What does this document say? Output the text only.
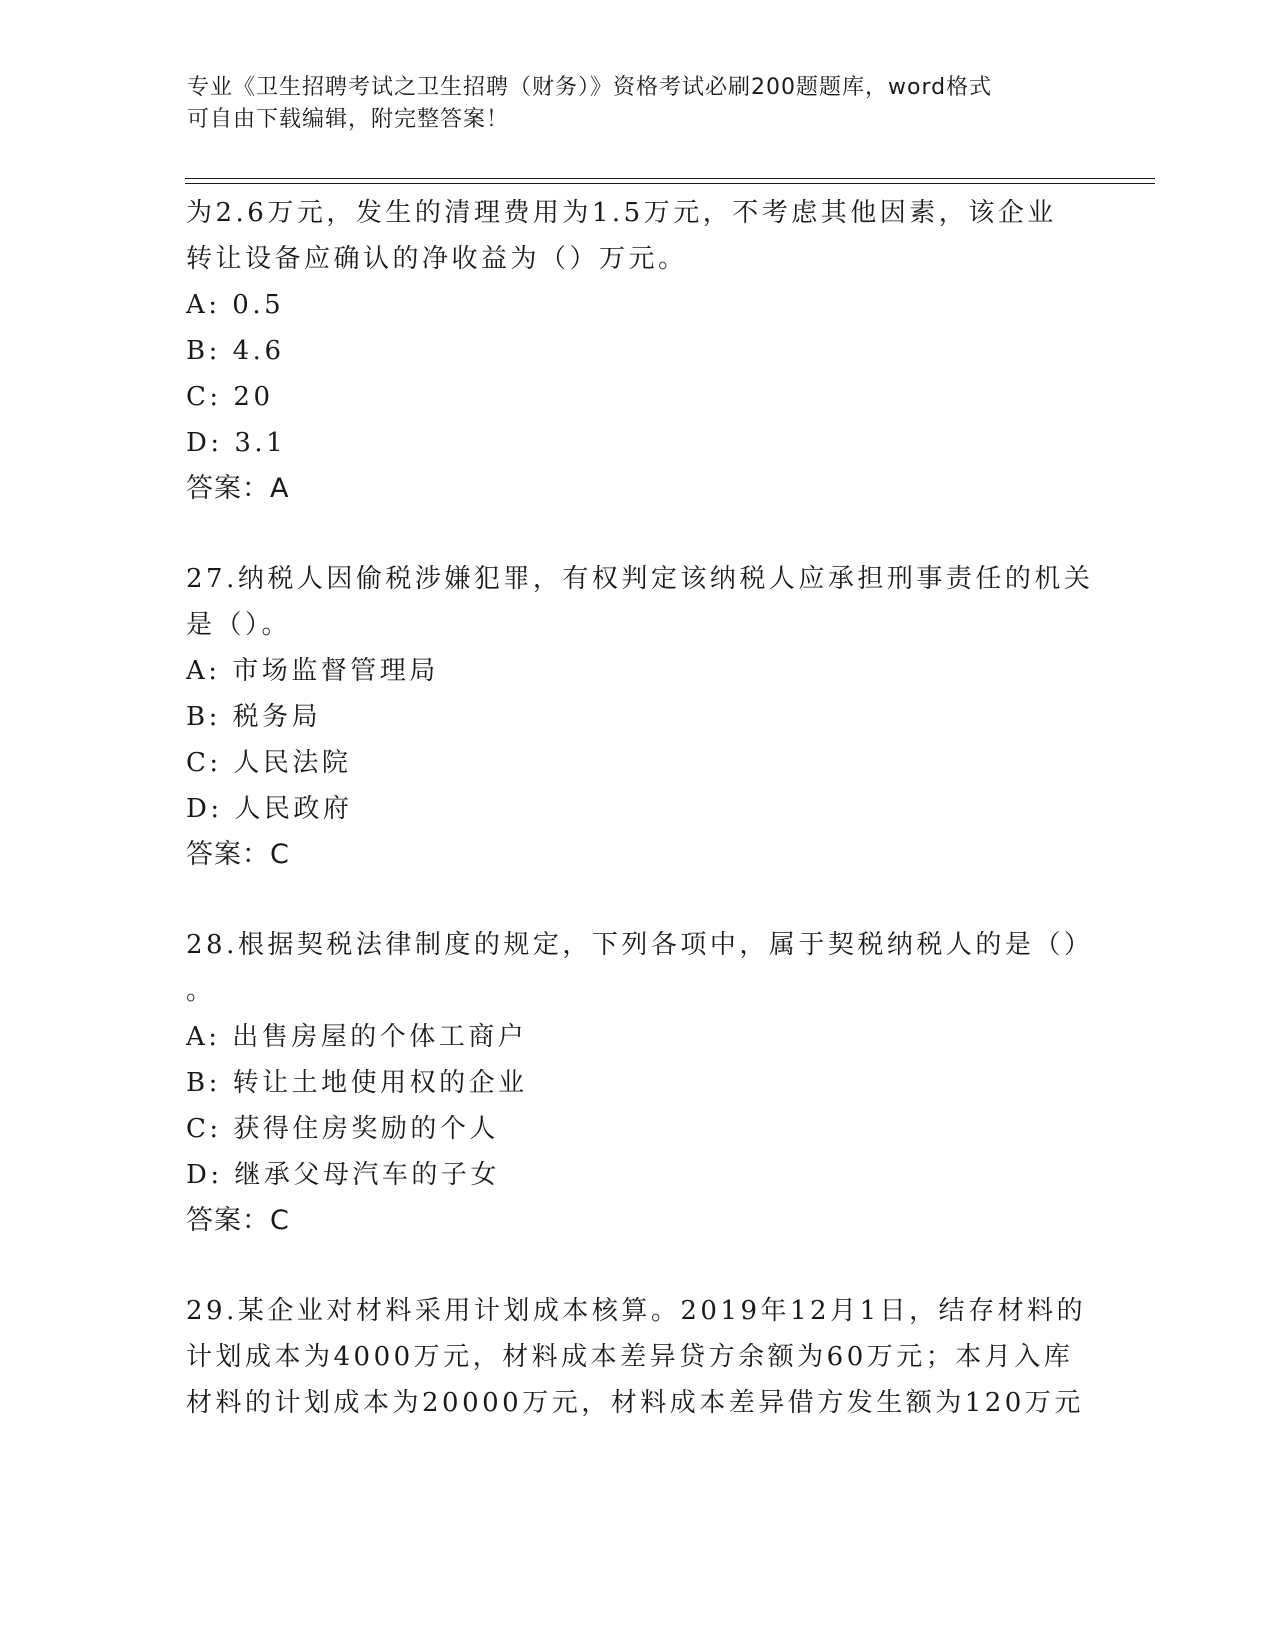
专业《卫生招聘考试之卫生招聘（财务）》资格考试必刷200题题库，word格式
可自由下载编辑，附完整答案！
为2.6万元，发生的清理费用为1.5万元，不考虑其他因素，该企业
转让设备应确认的净收益为（）万元。
A: 0.5
B: 4.6
C: 20
D: 3.1
答案：A
27.纳税人因偷税涉嫌犯罪，有权判定该纳税人应承担刑事责任的机关
是（）。
A: 市场监督管理局
B: 税务局
C: 人民法院
D: 人民政府
答案：C
28.根据契税法律制度的规定，下列各项中，属于契税纳税人的是（）
。
A: 出售房屋的个体工商户
B: 转让土地使用权的企业
C: 获得住房奖励的个人
D: 继承父母汽车的子女
答案：C
29.某企业对材料采用计划成本核算。2019年12月1日，结存材料的
计划成本为4000万元，材料成本差异贷方余额为60万元；本月入库
材料的计划成本为20000万元，材料成本差异借方发生额为120万元
